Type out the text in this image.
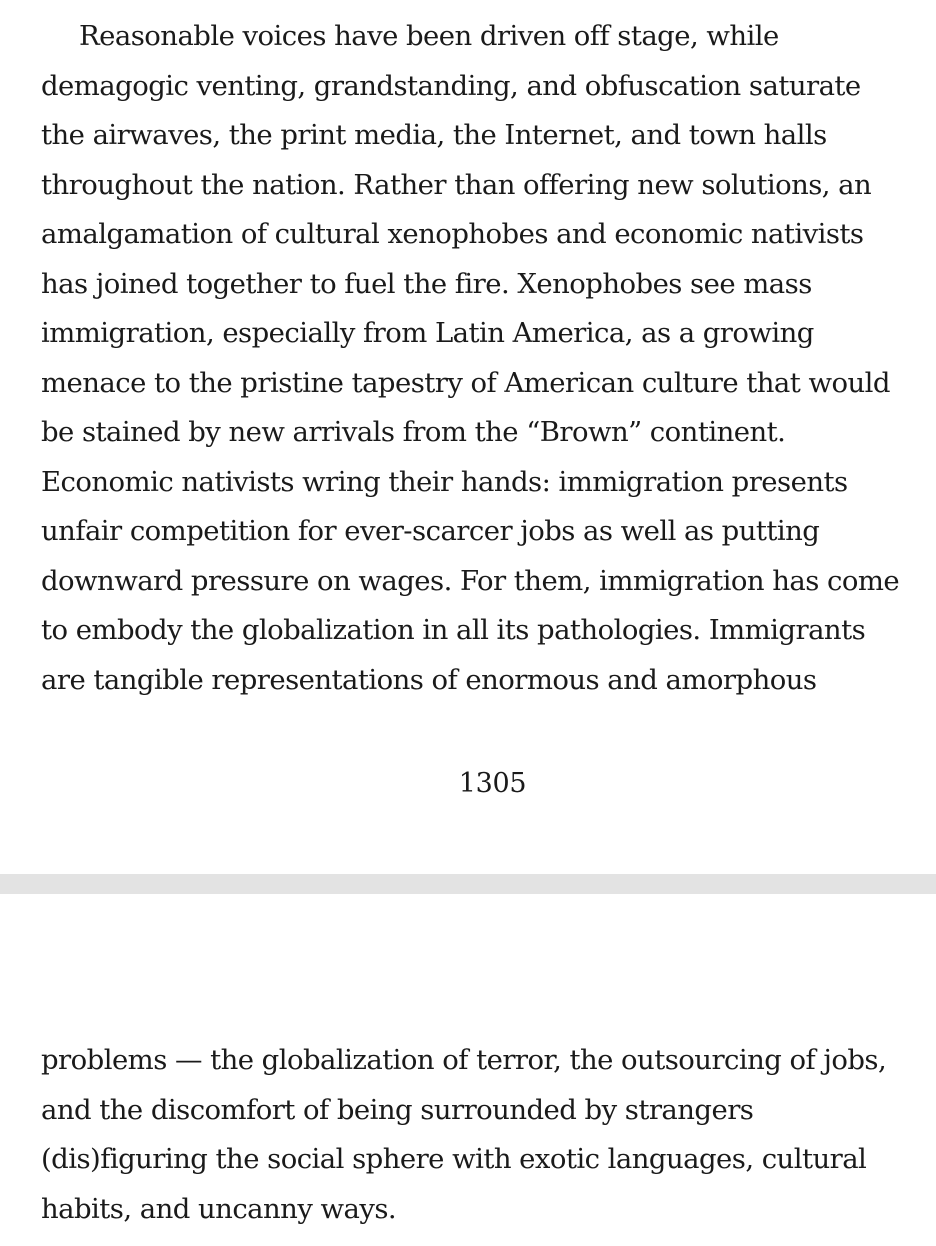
Reasonable voices have been driven off stage, while
demagogic venting, grandstanding, and obfuscation saturate
the airwaves, the print media, the Internet, and town halls
throughout the nation. Rather than offering new solutions, an
amalgamation of cultural xenophobes and economic nativists
has joined together to fuel the fire. Xenophobes see mass
immigration, especially from Latin America, as a growing
menace to the pristine tapestry of American culture that would
be stained by new arrivals from the “Brown” continent.
Economic nativists wring their hands: immigration presents
unfair competition for ever-scarcer jobs as well as putting
downward pressure on wages. For them, immigration has come
to embody the globalization in all its pathologies. Immigrants
are tangible representations of enormous and amorphous
1305
problems — the globalization of terror, the outsourcing of jobs,
and the discomfort of being surrounded by strangers
(dis)figuring the social sphere with exotic languages, cultural
habits, and uncanny ways.
